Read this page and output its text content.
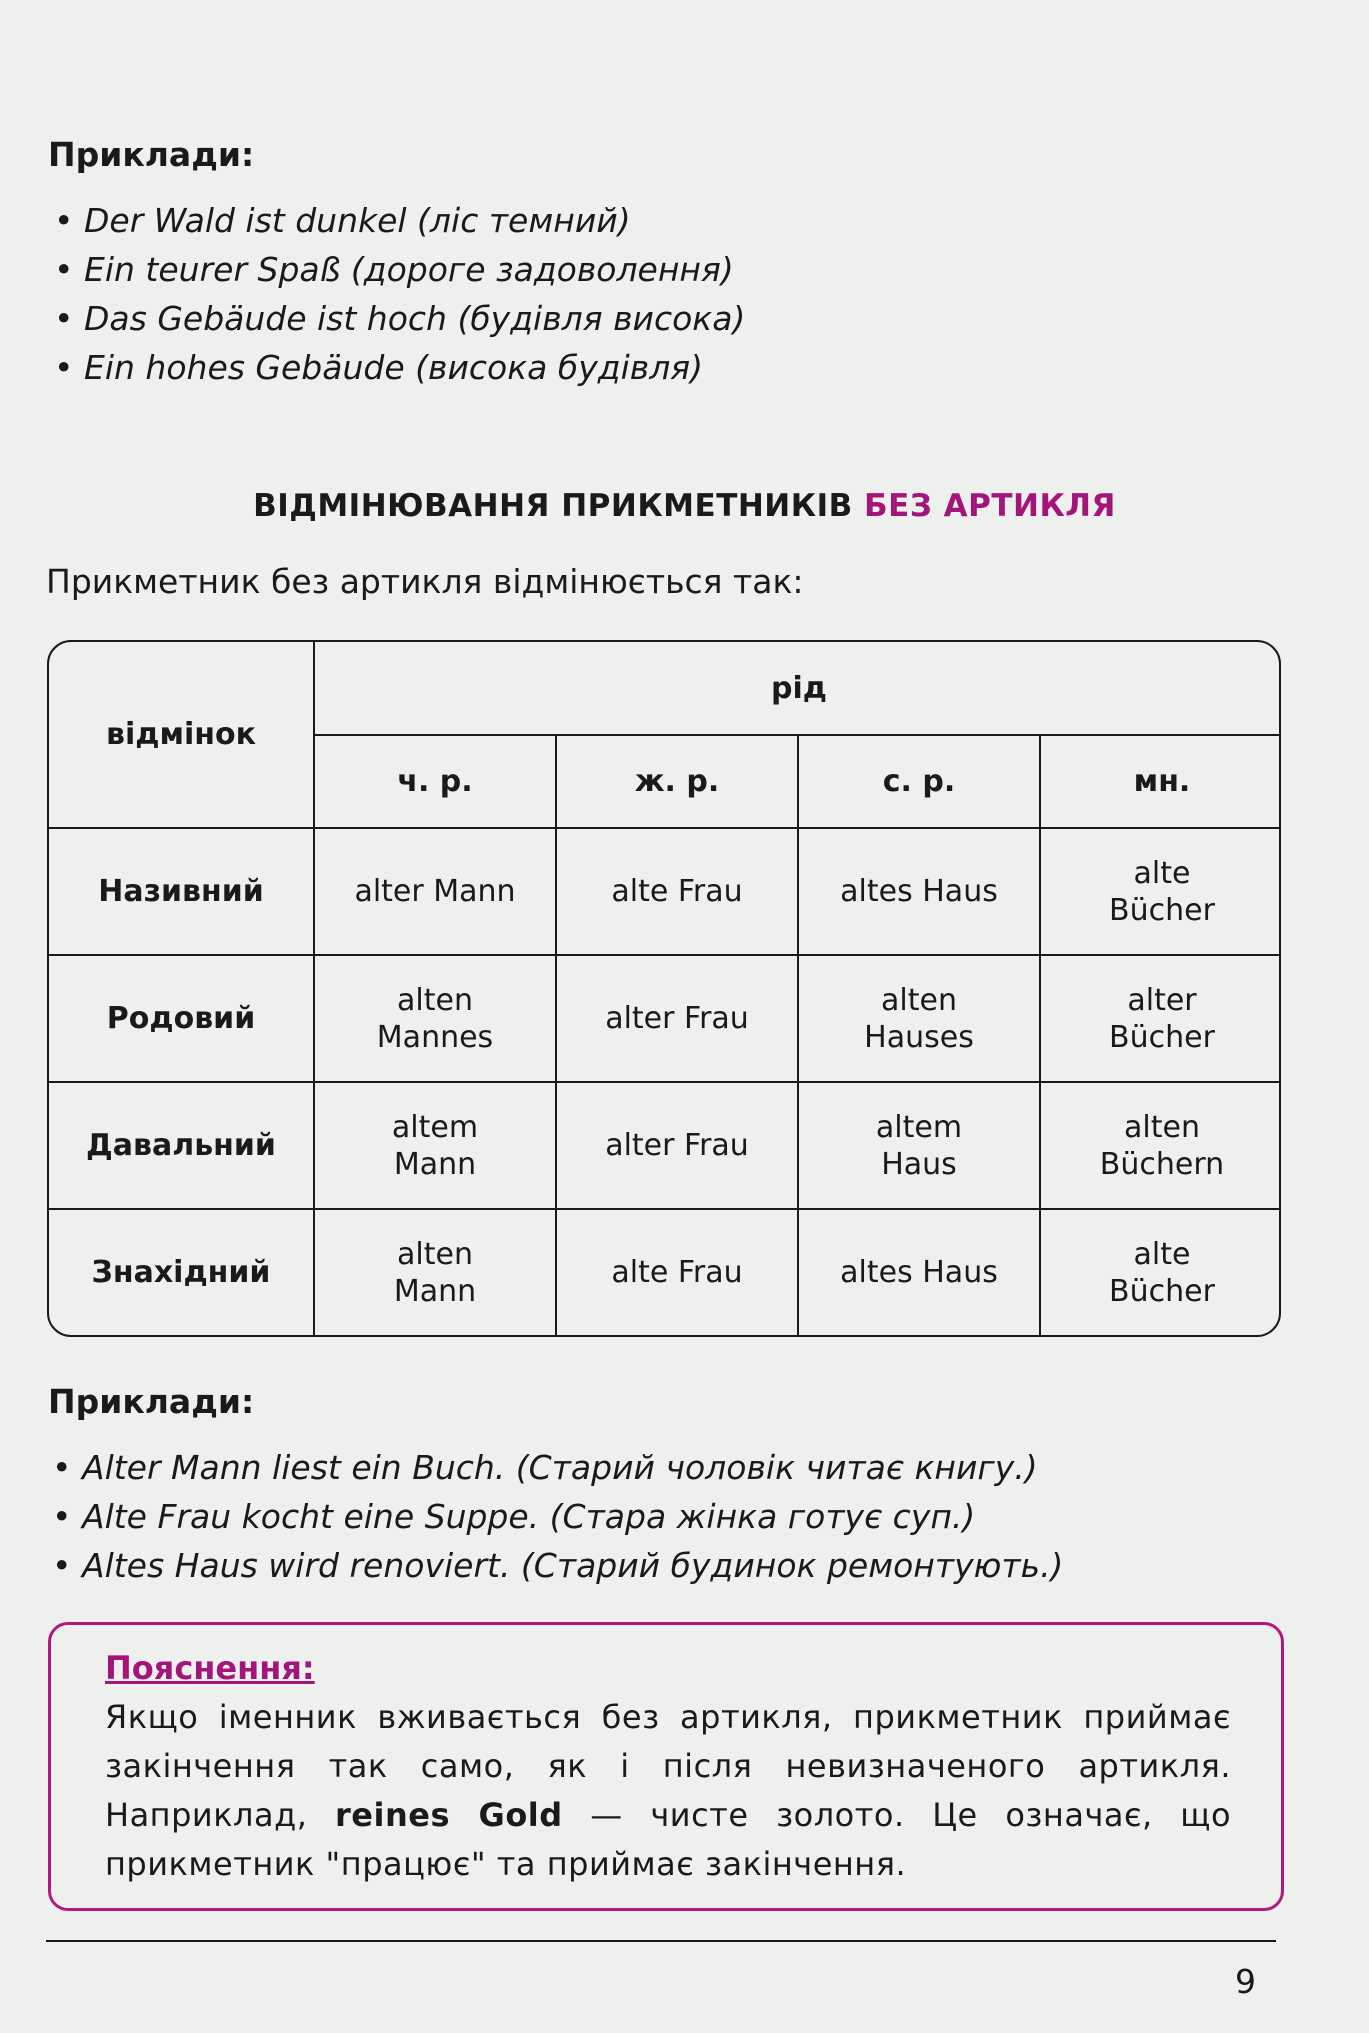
Приклади:
• Der Wald ist dunkel (ліс темний)
• Ein teurer Spaß (дороге задоволення)
• Das Gebäude ist hoch (будівля висока)
• Ein hohes Gebäude (висока будівля)
ВІДМІНЮВАННЯ ПРИКМЕТНИКІВ БЕЗ АРТИКЛЯ
Прикметник без артикля відмінюється так:
відмінок	рід			
	ч. р.	ж. р.	с. р.	мн.
Називний	alter Mann	alte Frau	altes Haus	alte Bücher
Родовий	alten Mannes	alter Frau	alten Hauses	alter Bücher
Давальний	altem Mann	alter Frau	altem Haus	alten Büchern
Знахідний	alten Mann	alte Frau	altes Haus	alte Bücher
Приклади:
• Alter Mann liest ein Buch. (Старий чоловік читає книгу.)
• Alte Frau kocht eine Suppe. (Стара жінка готує суп.)
• Altes Haus wird renoviert. (Старий будинок ремонтують.)
Пояснення:
Якщо іменник вживається без артикля, прикметник приймає закінчення так само, як і після невизначеного артикля. Наприклад, reines Gold — чисте золото. Це означає, що прикметник "працює" та приймає закінчення.
9
